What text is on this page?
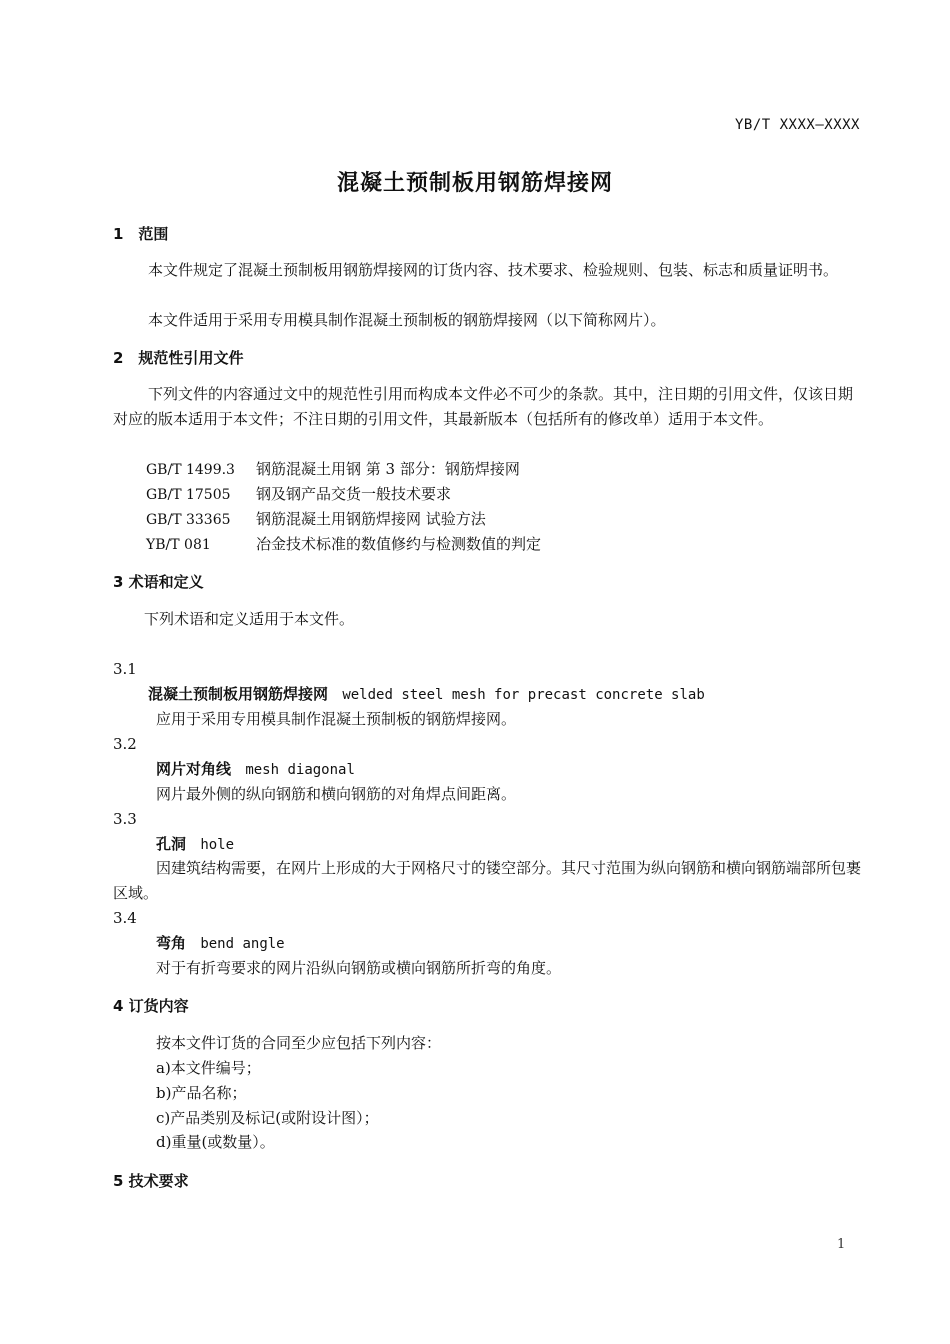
YB/T XXXX—XXXX
混凝土预制板用钢筋焊接网
1　范围
本文件规定了混凝土预制板用钢筋焊接网的订货内容、技术要求、检验规则、包装、标志和质量证明书。
本文件适用于采用专用模具制作混凝土预制板的钢筋焊接网（以下简称网片）。
2　规范性引用文件
下列文件的内容通过文中的规范性引用而构成本文件必不可少的条款。其中，注日期的引用文件，仅该日期对应的版本适用于本文件；不注日期的引用文件，其最新版本（包括所有的修改单）适用于本文件。
GB/T 1499.3 钢筋混凝土用钢 第 3 部分：钢筋焊接网
GB/T 17505 钢及钢产品交货一般技术要求
GB/T 33365 钢筋混凝土用钢筋焊接网 试验方法
YB/T 081	冶金技术标准的数值修约与检测数值的判定
3 术语和定义
下列术语和定义适用于本文件。
3.1
混凝土预制板用钢筋焊接网 welded steel mesh for precast concrete slab
应用于采用专用模具制作混凝土预制板的钢筋焊接网。
3.2
网片对角线 mesh diagonal
网片最外侧的纵向钢筋和横向钢筋的对角焊点间距离。
3.3
孔洞 hole
因建筑结构需要，在网片上形成的大于网格尺寸的镂空部分。其尺寸范围为纵向钢筋和横向钢筋端部所包裹区域。
3.4
弯角 bend angle
对于有折弯要求的网片沿纵向钢筋或横向钢筋所折弯的角度。
4 订货内容
按本文件订货的合同至少应包括下列内容：
a)本文件编号；
b)产品名称；
c)产品类别及标记(或附设计图）；
d)重量(或数量）。
5 技术要求
1
